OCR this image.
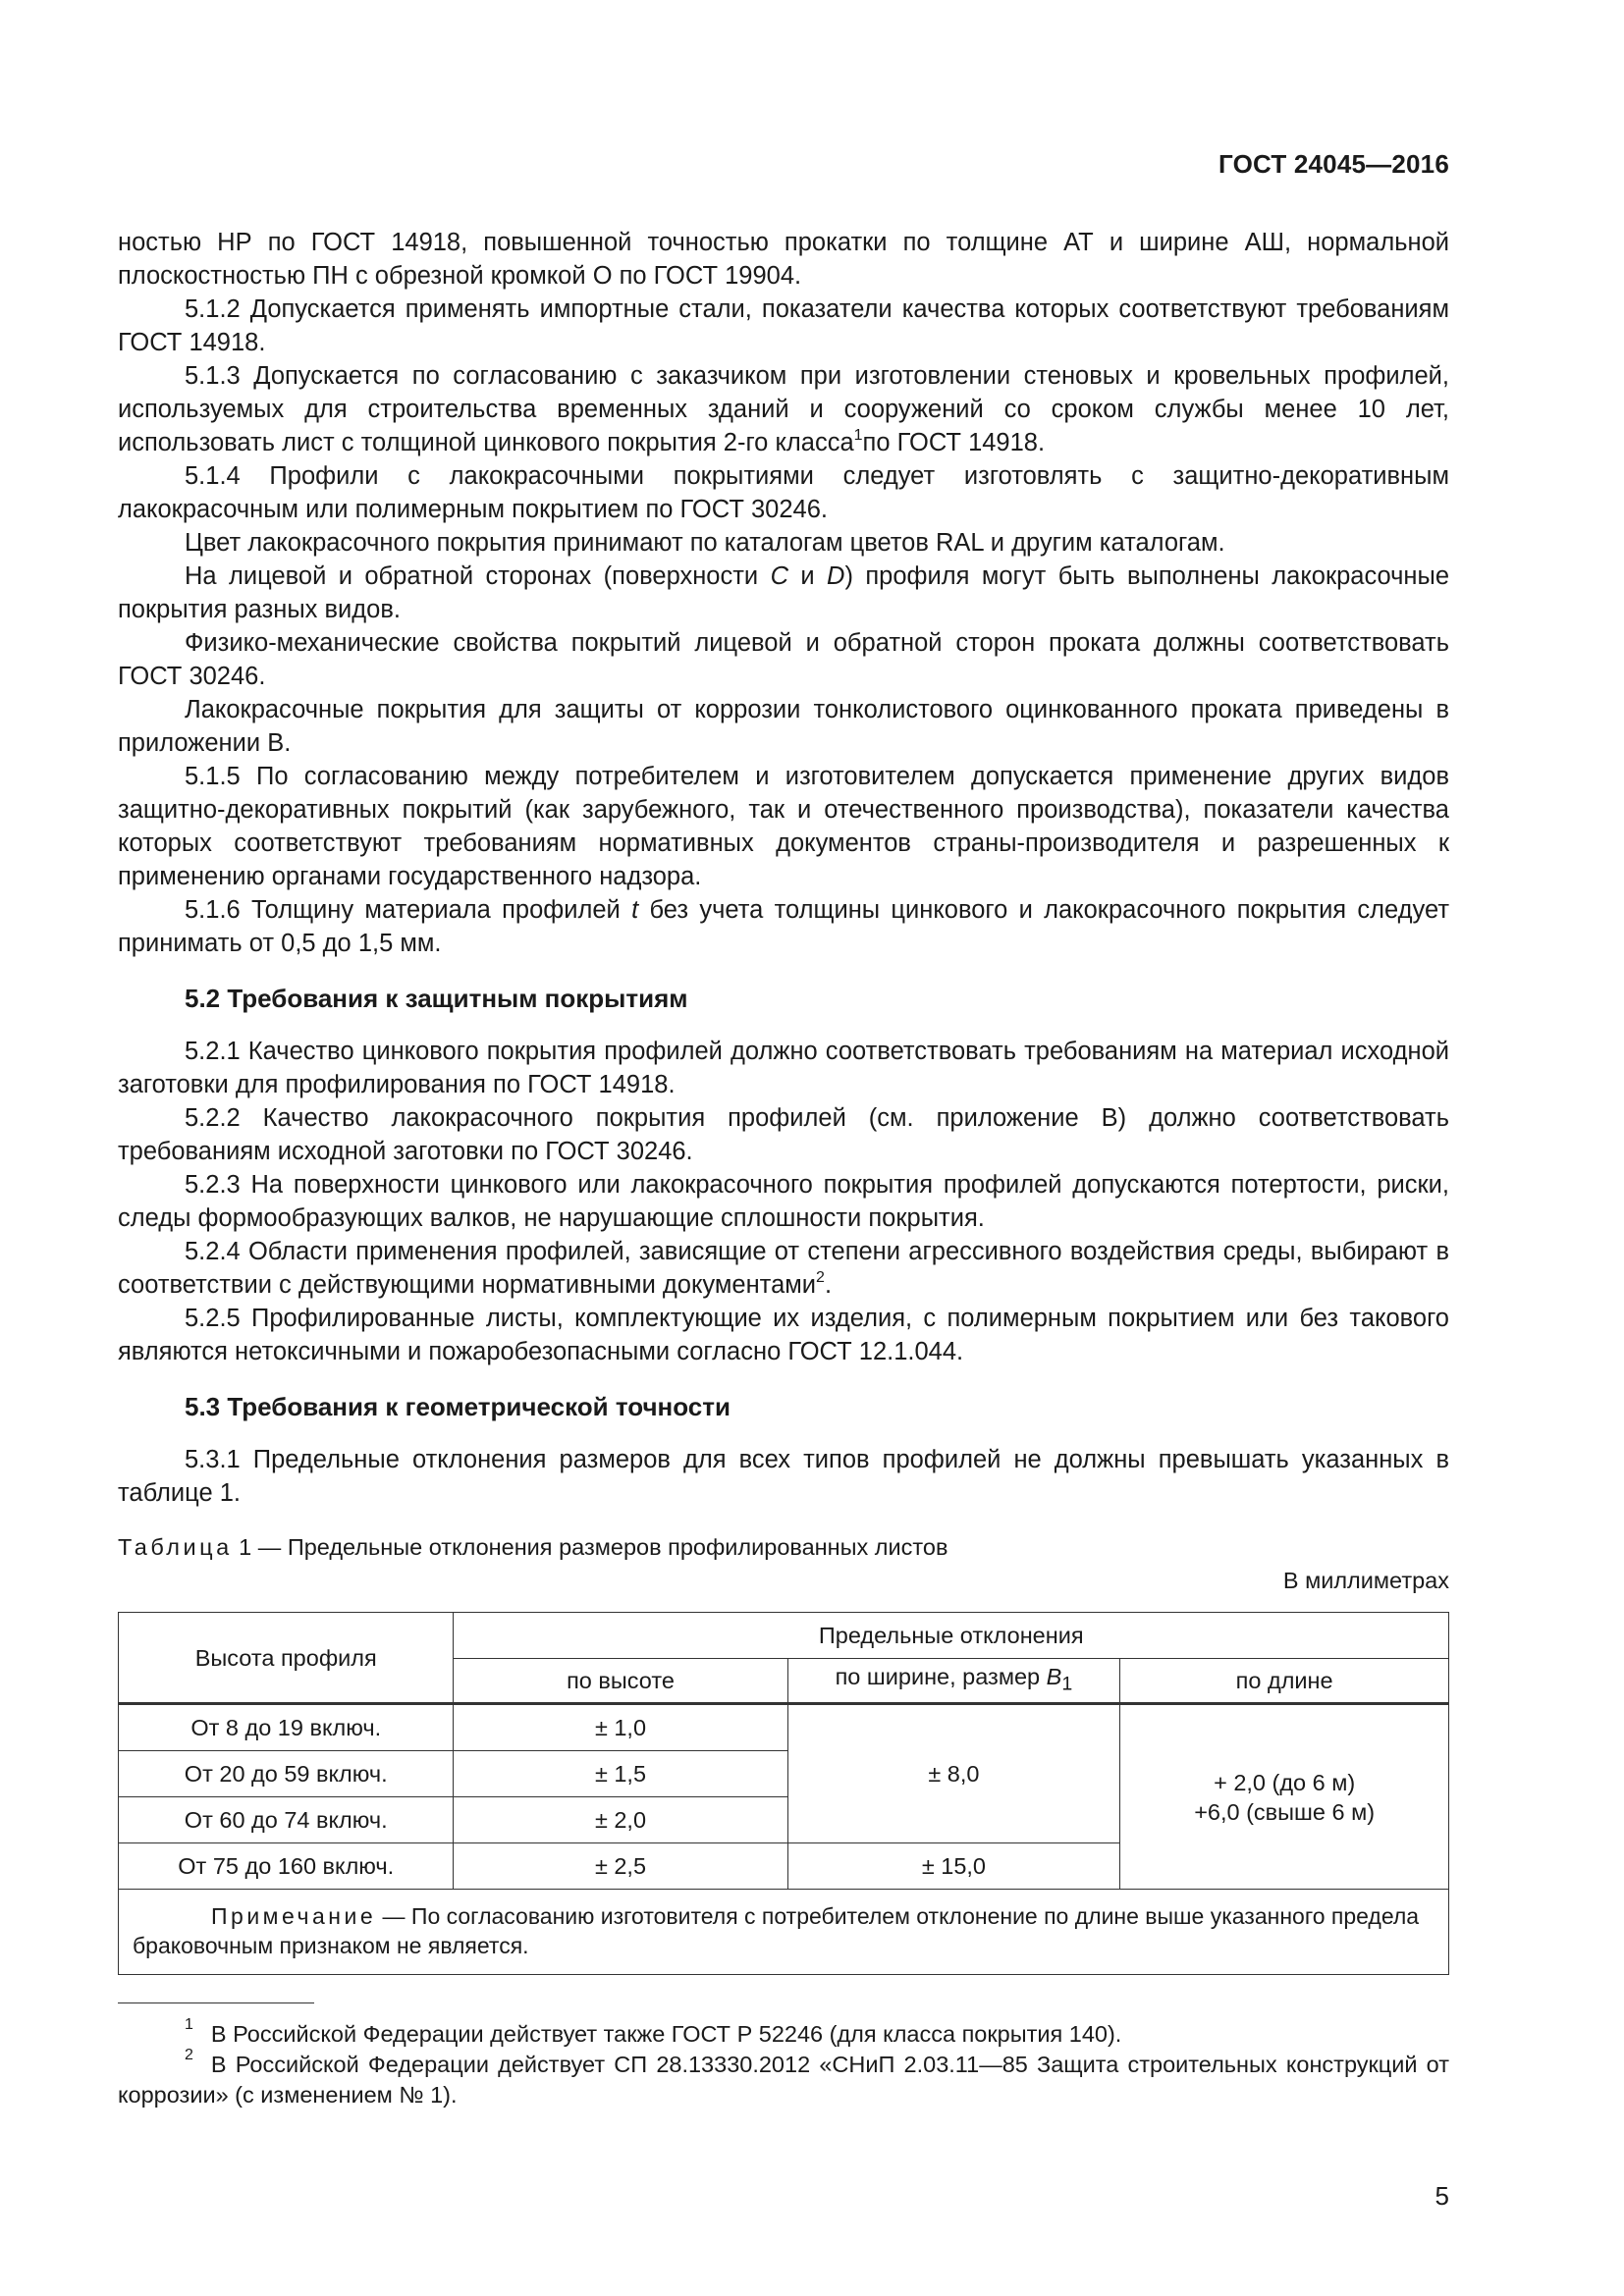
ГОСТ 24045—2016

ностью НР по ГОСТ 14918, повышенной точностью прокатки по толщине АТ и ширине АШ, нормальной плоскостностью ПН с обрезной кромкой О по ГОСТ 19904.

5.1.2 Допускается применять импортные стали, показатели качества которых соответствуют требованиям ГОСТ 14918.

5.1.3 Допускается по согласованию с заказчиком при изготовлении стеновых и кровельных профилей, используемых для строительства временных зданий и сооружений со сроком службы менее 10 лет, использовать лист с толщиной цинкового покрытия 2-го класса$^1$по ГОСТ 14918.

5.1.4 Профили с лакокрасочными покрытиями следует изготовлять с защитно-декоративным лакокрасочным или полимерным покрытием по ГОСТ 30246.

Цвет лакокрасочного покрытия принимают по каталогам цветов RAL и другим каталогам.

На лицевой и обратной сторонах (поверхности C и D) профиля могут быть выполнены лакокрасочные покрытия разных видов.

Физико-механические свойства покрытий лицевой и обратной сторон проката должны соответствовать ГОСТ 30246.

Лакокрасочные покрытия для защиты от коррозии тонколистового оцинкованного проката приведены в приложении В.

5.1.5 По согласованию между потребителем и изготовителем допускается применение других видов защитно-декоративных покрытий (как зарубежного, так и отечественного производства), показатели качества которых соответствуют требованиям нормативных документов страны-производителя и разрешенных к применению органами государственного надзора.

5.1.6 Толщину материала профилей t без учета толщины цинкового и лакокрасочного покрытия следует принимать от 0,5 до 1,5 мм.

5.2 Требования к защитным покрытиям

5.2.1 Качество цинкового покрытия профилей должно соответствовать требованиям на материал исходной заготовки для профилирования по ГОСТ 14918.

5.2.2 Качество лакокрасочного покрытия профилей (см. приложение В) должно соответствовать требованиям исходной заготовки по ГОСТ 30246.

5.2.3 На поверхности цинкового или лакокрасочного покрытия профилей допускаются потертости, риски, следы формообразующих валков, не нарушающие сплошности покрытия.

5.2.4 Области применения профилей, зависящие от степени агрессивного воздействия среды, выбирают в соответствии с действующими нормативными документами$^2$.

5.2.5 Профилированные листы, комплектующие их изделия, с полимерным покрытием или без такового являются нетоксичными и пожаробезопасными согласно ГОСТ 12.1.044.

5.3 Требования к геометрической точности

5.3.1 Предельные отклонения размеров для всех типов профилей не должны превышать указанных в таблице 1.

Таблица 1 — Предельные отклонения размеров профилированных листов
В миллиметрах
Высота профиля	Предельные отклонения		
	по высоте	по ширине, размер $B_1$	по длине
От 8 до 19 включ.	± 1,0	± 8,0	+ 2,0 (до 6 м)
+6,0 (свыше 6 м)

От 20 до 59 включ.	± 1,5		
От 60 до 74 включ.	± 2,0		
От 75 до 160 включ.	± 2,5	± 15,0	
Примечание — По согласованию изготовителя с потребителем отклонение по длине выше указанного предела браковочным признаком не является.			

$^1$ В Российской Федерации действует также ГОСТ Р 52246 (для класса покрытия 140).

$^2$ В Российской Федерации действует СП 28.13330.2012 «СНиП 2.03.11—85 Защита строительных конструкций от коррозии» (с изменением № 1).

5
